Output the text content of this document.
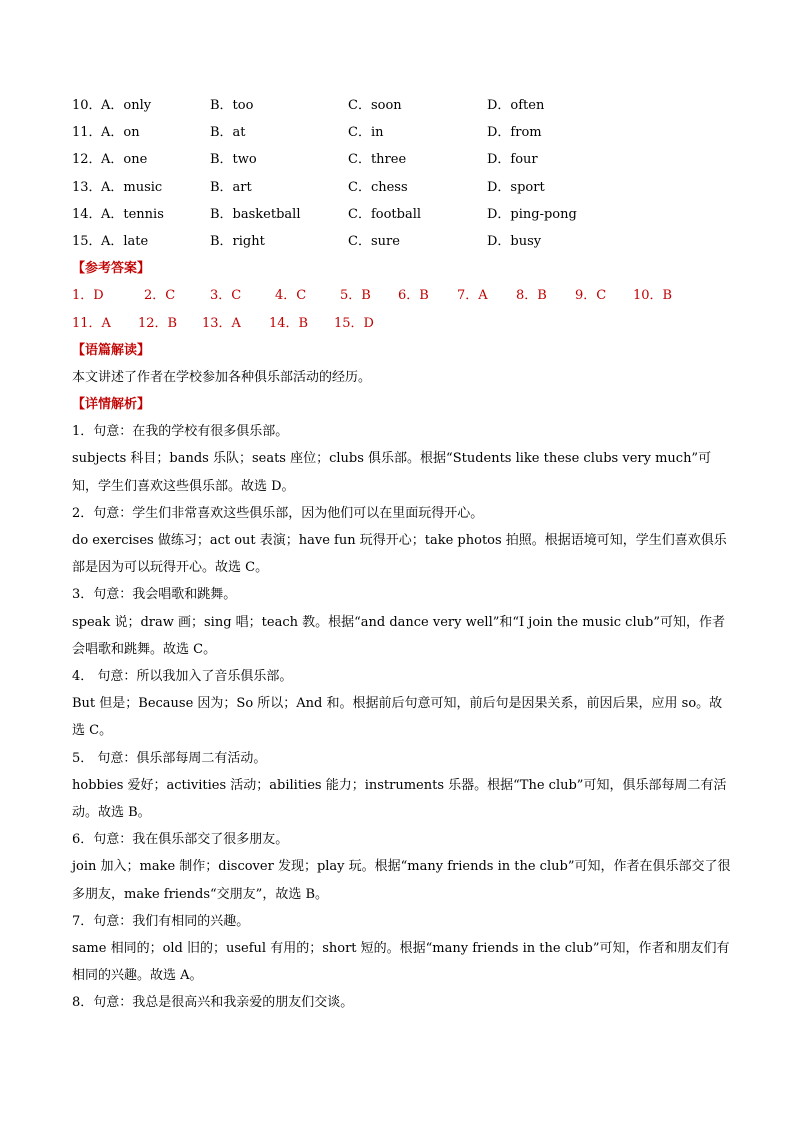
10． A．only	B．too	C．soon	D．often
11． A．on	B．at	C．in	D．from
12． A．one	B．two	C．three	D．four
13． A．music	B．art	C．chess	D．sport
14． A．tennis	B．basketball	C．football	D．ping-pong
15． A．late	B．right	C．sure	D．busy
【参考答案】
1．D	2．C	3．C	4．C	5．B 6．B 7．A 8．B 9．C 10．B
11．A 12．B 13．A 14．B 15．D
【语篇解读】

本文讲述了作者在学校参加各种俱乐部活动的经历。

【详情解析】
1．句意：在我的学校有很多俱乐部。

subjects 科目；bands 乐队；seats 座位；clubs 俱乐部。根据“Students like these clubs very much”可知，学生们喜欢这些俱乐部。故选 D。

2．句意：学生们非常喜欢这些俱乐部，因为他们可以在里面玩得开心。

do exercises 做练习；act out 表演；have fun 玩得开心；take photos 拍照。根据语境可知，学生们喜欢俱乐部是因为可以玩得开心。故选 C。

3．句意：我会唱歌和跳舞。

speak 说；draw 画；sing 唱；teach 教。根据“and dance very well”和“I join the music club”可知，作者会唱歌和跳舞。故选 C。

4． 句意：所以我加入了音乐俱乐部。

But 但是；Because 因为；So 所以；And 和。根据前后句意可知，前后句是因果关系，前因后果，应用 so。故选 C。

5． 句意：俱乐部每周二有活动。

hobbies 爱好；activities 活动；abilities 能力；instruments 乐器。根据“The club”可知，俱乐部每周二有活动。故选 B。

6．句意：我在俱乐部交了很多朋友。

join 加入；make 制作；discover 发现；play 玩。根据“many friends in the club”可知，作者在俱乐部交了很多朋友，make friends“交朋友”，故选 B。

7．句意：我们有相同的兴趣。

same 相同的；old 旧的；useful 有用的；short 短的。根据“many friends in the club”可知，作者和朋友们有相同的兴趣。故选 A。

8．句意：我总是很高兴和我亲爱的朋友们交谈。
